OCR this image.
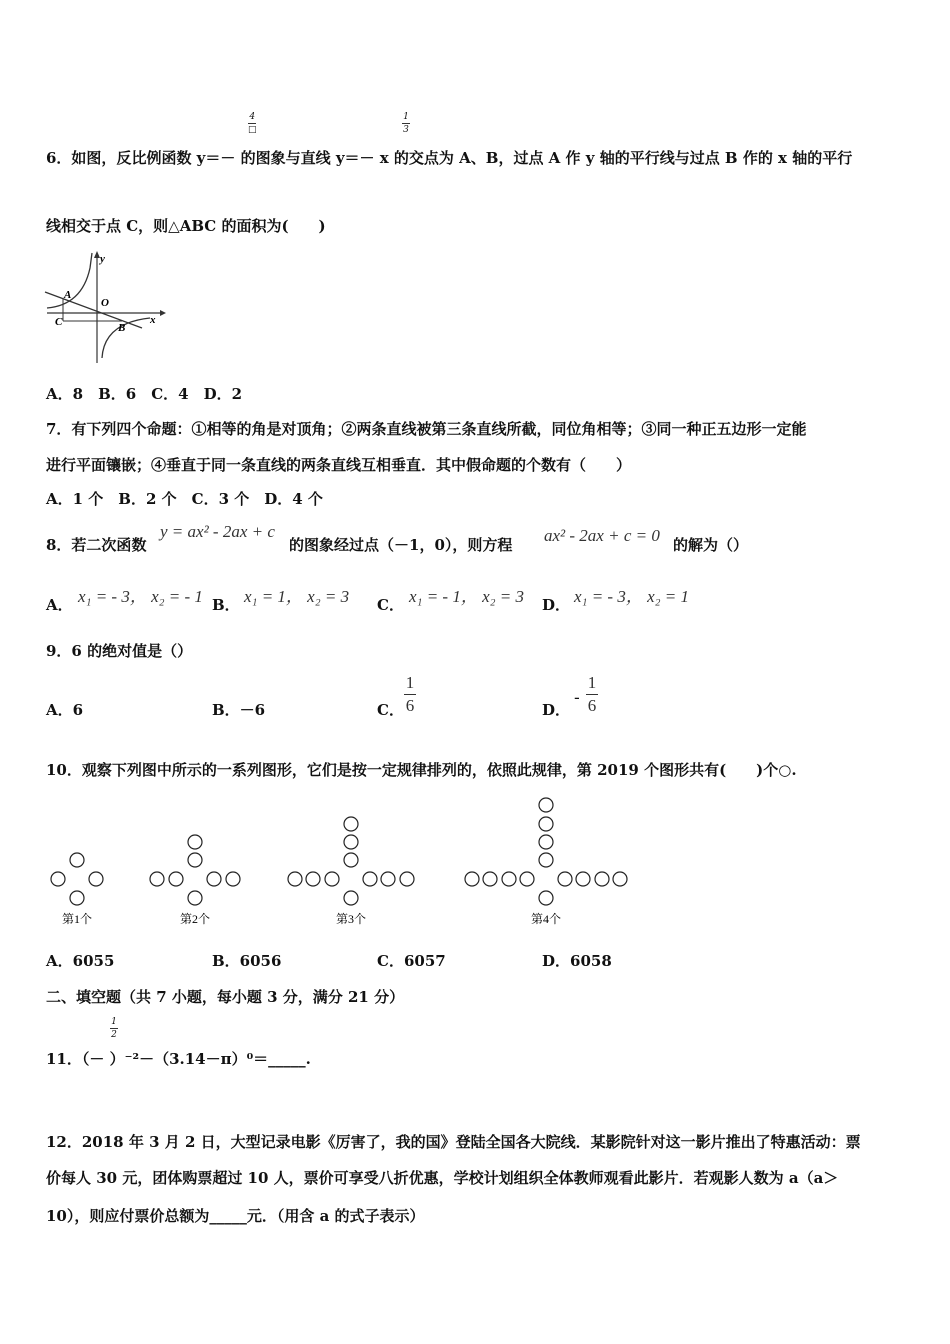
4
□
1
3
6．如图，反比例函数 y＝－ 的图象与直线 y＝－ x 的交点为 A、B，过点 A 作 y 轴的平行线与过点 B 作的 x 轴的平行
线相交于点 C，则△ABC 的面积为(　　)
y
x
A
O
C	B
A．8　B．6　C．4　D．2
7．有下列四个命题：①相等的角是对顶角；②两条直线被第三条直线所截，同位角相等；③同一种正五边形一定能
进行平面镶嵌；④垂直于同一条直线的两条直线互相垂直．其中假命题的个数有（　　）
A．1 个　B．2 个　C．3 个　D．4 个
8．若二次函数
y = ax² - 2ax + c
的图象经过点（－1，0），则方程 ax² - 2ax + c = 0 的解为（）
A． x₁ = - 3， x₂ = - 1 B． x₁ = 1， x₂ = 3 C． x₁ = - 1， x₂ = 3 D． x₁ = - 3， x₂ = 1
9．6 的绝对值是（）
A．6	B．－6	C．
1
6	D．
-
1
6
10．观察下列图中所示的一系列图形，它们是按一定规律排列的，依照此规律，第 2019 个图形共有(　　)个○.
第1个	第2个	第3个	第4个
A．6055	B．6056	C．6057	D．6058
二、填空题（共 7 小题，每小题 3 分，满分 21 分）
1
2
11．（－ ）⁻²－（3.14－π）⁰＝_____.
12．2018 年 3 月 2 日，大型记录电影《厉害了，我的国》登陆全国各大院线．某影院针对这一影片推出了特惠活动：票
价每人 30 元，团体购票超过 10 人，票价可享受八折优惠，学校计划组织全体教师观看此影片．若观影人数为 a（a＞
10），则应付票价总额为_____元．（用含 a 的式子表示）
